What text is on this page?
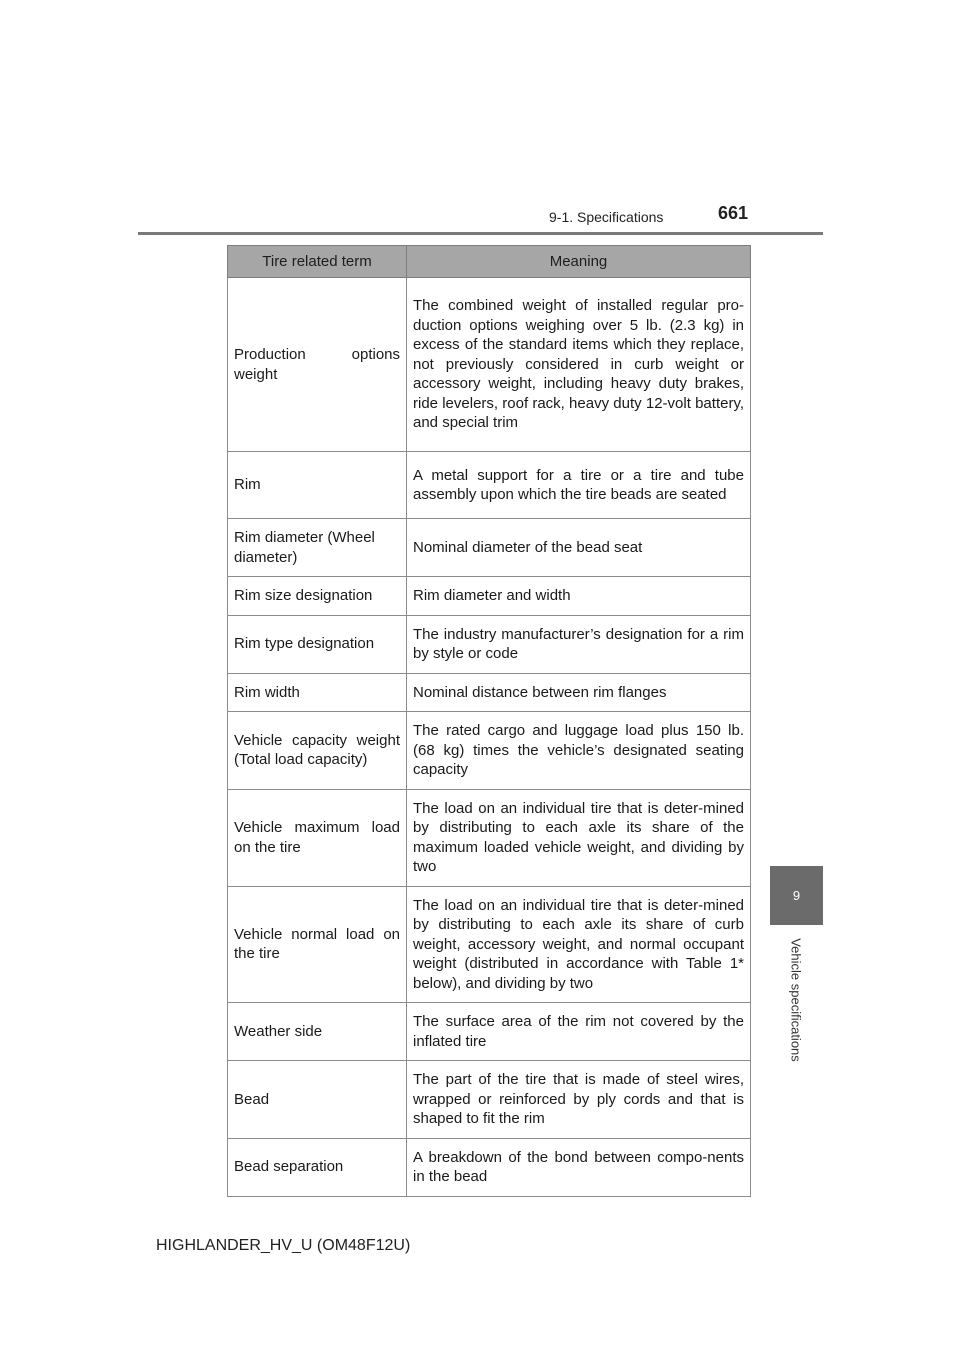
9-1. Specifications	661
9
Vehicle specifications
Tire related term	Meaning
Production options weight	The combined weight of installed regular pro-duction options weighing over 5 lb. (2.3 kg) in excess of the standard items which they replace, not previously considered in curb weight or accessory weight, including heavy duty brakes, ride levelers, roof rack, heavy duty 12-volt battery, and special trim
Rim	A metal support for a tire or a tire and tube assembly upon which the tire beads are seated
Rim diameter (Wheel diameter)	Nominal diameter of the bead seat
Rim size designation	Rim diameter and width
Rim type designation	The industry manufacturer’s designation for a rim by style or code
Rim width	Nominal distance between rim flanges
Vehicle capacity weight (Total load capacity)	The rated cargo and luggage load plus 150 lb. (68 kg) times the vehicle’s designated seating capacity
Vehicle maximum load on the tire	The load on an individual tire that is deter-mined by distributing to each axle its share of the maximum loaded vehicle weight, and dividing by two
Vehicle normal load on the tire	The load on an individual tire that is deter-mined by distributing to each axle its share of curb weight, accessory weight, and normal occupant weight (distributed in accordance with Table 1* below), and dividing by two
Weather side	The surface area of the rim not covered by the inflated tire
Bead	The part of the tire that is made of steel wires, wrapped or reinforced by ply cords and that is shaped to fit the rim
Bead separation	A breakdown of the bond between compo-nents in the bead
HIGHLANDER_HV_U (OM48F12U)
